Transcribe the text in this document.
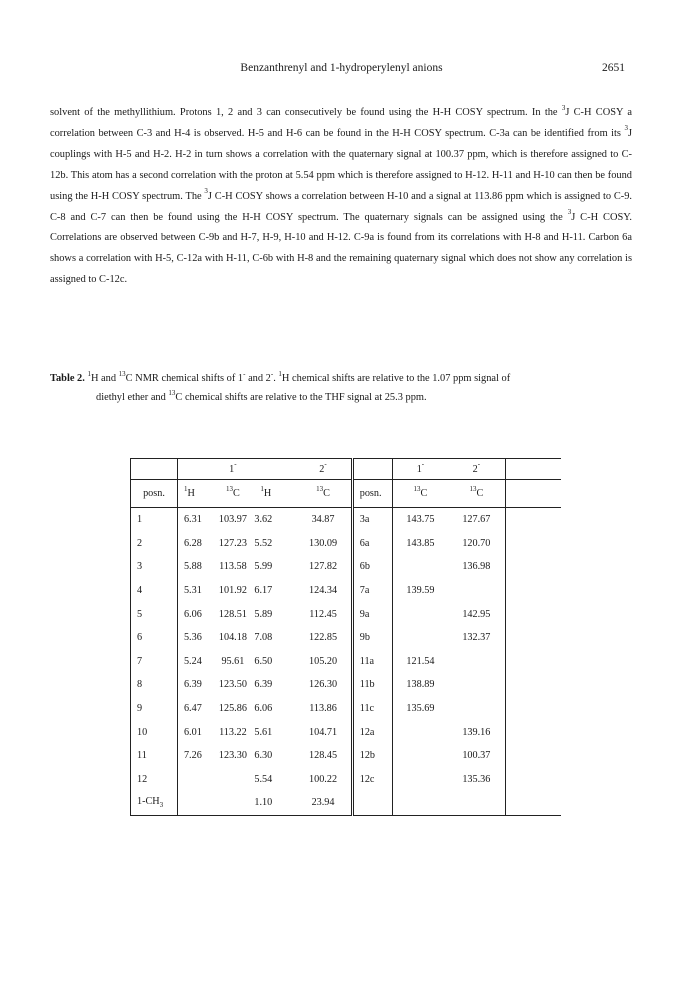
Benzanthrenyl and 1-hydroperylenyl anions	2651

solvent of the methyllithium. Protons 1, 2 and 3 can consecutively be found using the H-H COSY spectrum. In the $^3$J C-H COSY a correlation between C-3 and H-4 is observed. H-5 and H-6 can be found in the H-H COSY spectrum. C-3a can be identified from its $^3$J couplings with H-5 and H-2. H-2 in turn shows a correlation with the quaternary signal at 100.37 ppm, which is therefore assigned to C-12b. This atom has a second correlation with the proton at 5.54 ppm which is therefore assigned to H-12. H-11 and H-10 can then be found using the H-H COSY spectrum. The $^3$J C-H COSY shows a correlation between H-10 and a signal at 113.86 ppm which is assigned to C-9. C-8 and C-7 can then be found using the H-H COSY spectrum. The quaternary signals can be assigned using the $^3$J C-H COSY. Correlations are observed between C-9b and H-7, H-9, H-10 and H-12. C-9a is found from its correlations with H-8 and H-11. Carbon 6a shows a correlation with H-5, C-12a with H-11, C-6b with H-8 and the remaining quaternary signal which does not show any correlation is assigned to C-12c.

Table 2. $^1$H and $^{13}$C NMR chemical shifts of 1- and 2-. $^1$H chemical shifts are relative to the 1.07 ppm signal of
diethyl ether and $^{13}$C chemical shifts are relative to the THF signal at 25.3 ppm.
		1-		2-		1-	2-	
posn.	$^1$H	$^{13}$C	$^1$H	$^{13}$C	posn.	$^{13}$C	$^{13}$C	
1	6.31	103.97	3.62	34.87	3a	143.75	127.67	
2	6.28	127.23	5.52	130.09	6a	143.85	120.70	
3	5.88	113.58	5.99	127.82	6b		136.98	
4	5.31	101.92	6.17	124.34	7a	139.59		
5	6.06	128.51	5.89	112.45	9a		142.95	
6	5.36	104.18	7.08	122.85	9b		132.37	
7	5.24	95.61	6.50	105.20	11a	121.54		
8	6.39	123.50	6.39	126.30	11b	138.89		
9	6.47	125.86	6.06	113.86	11c	135.69		
10	6.01	113.22	5.61	104.71	12a		139.16	
11	7.26	123.30	6.30	128.45	12b		100.37	
12			5.54	100.22	12c		135.36	
$1-CH_3$			1.10	23.94				
